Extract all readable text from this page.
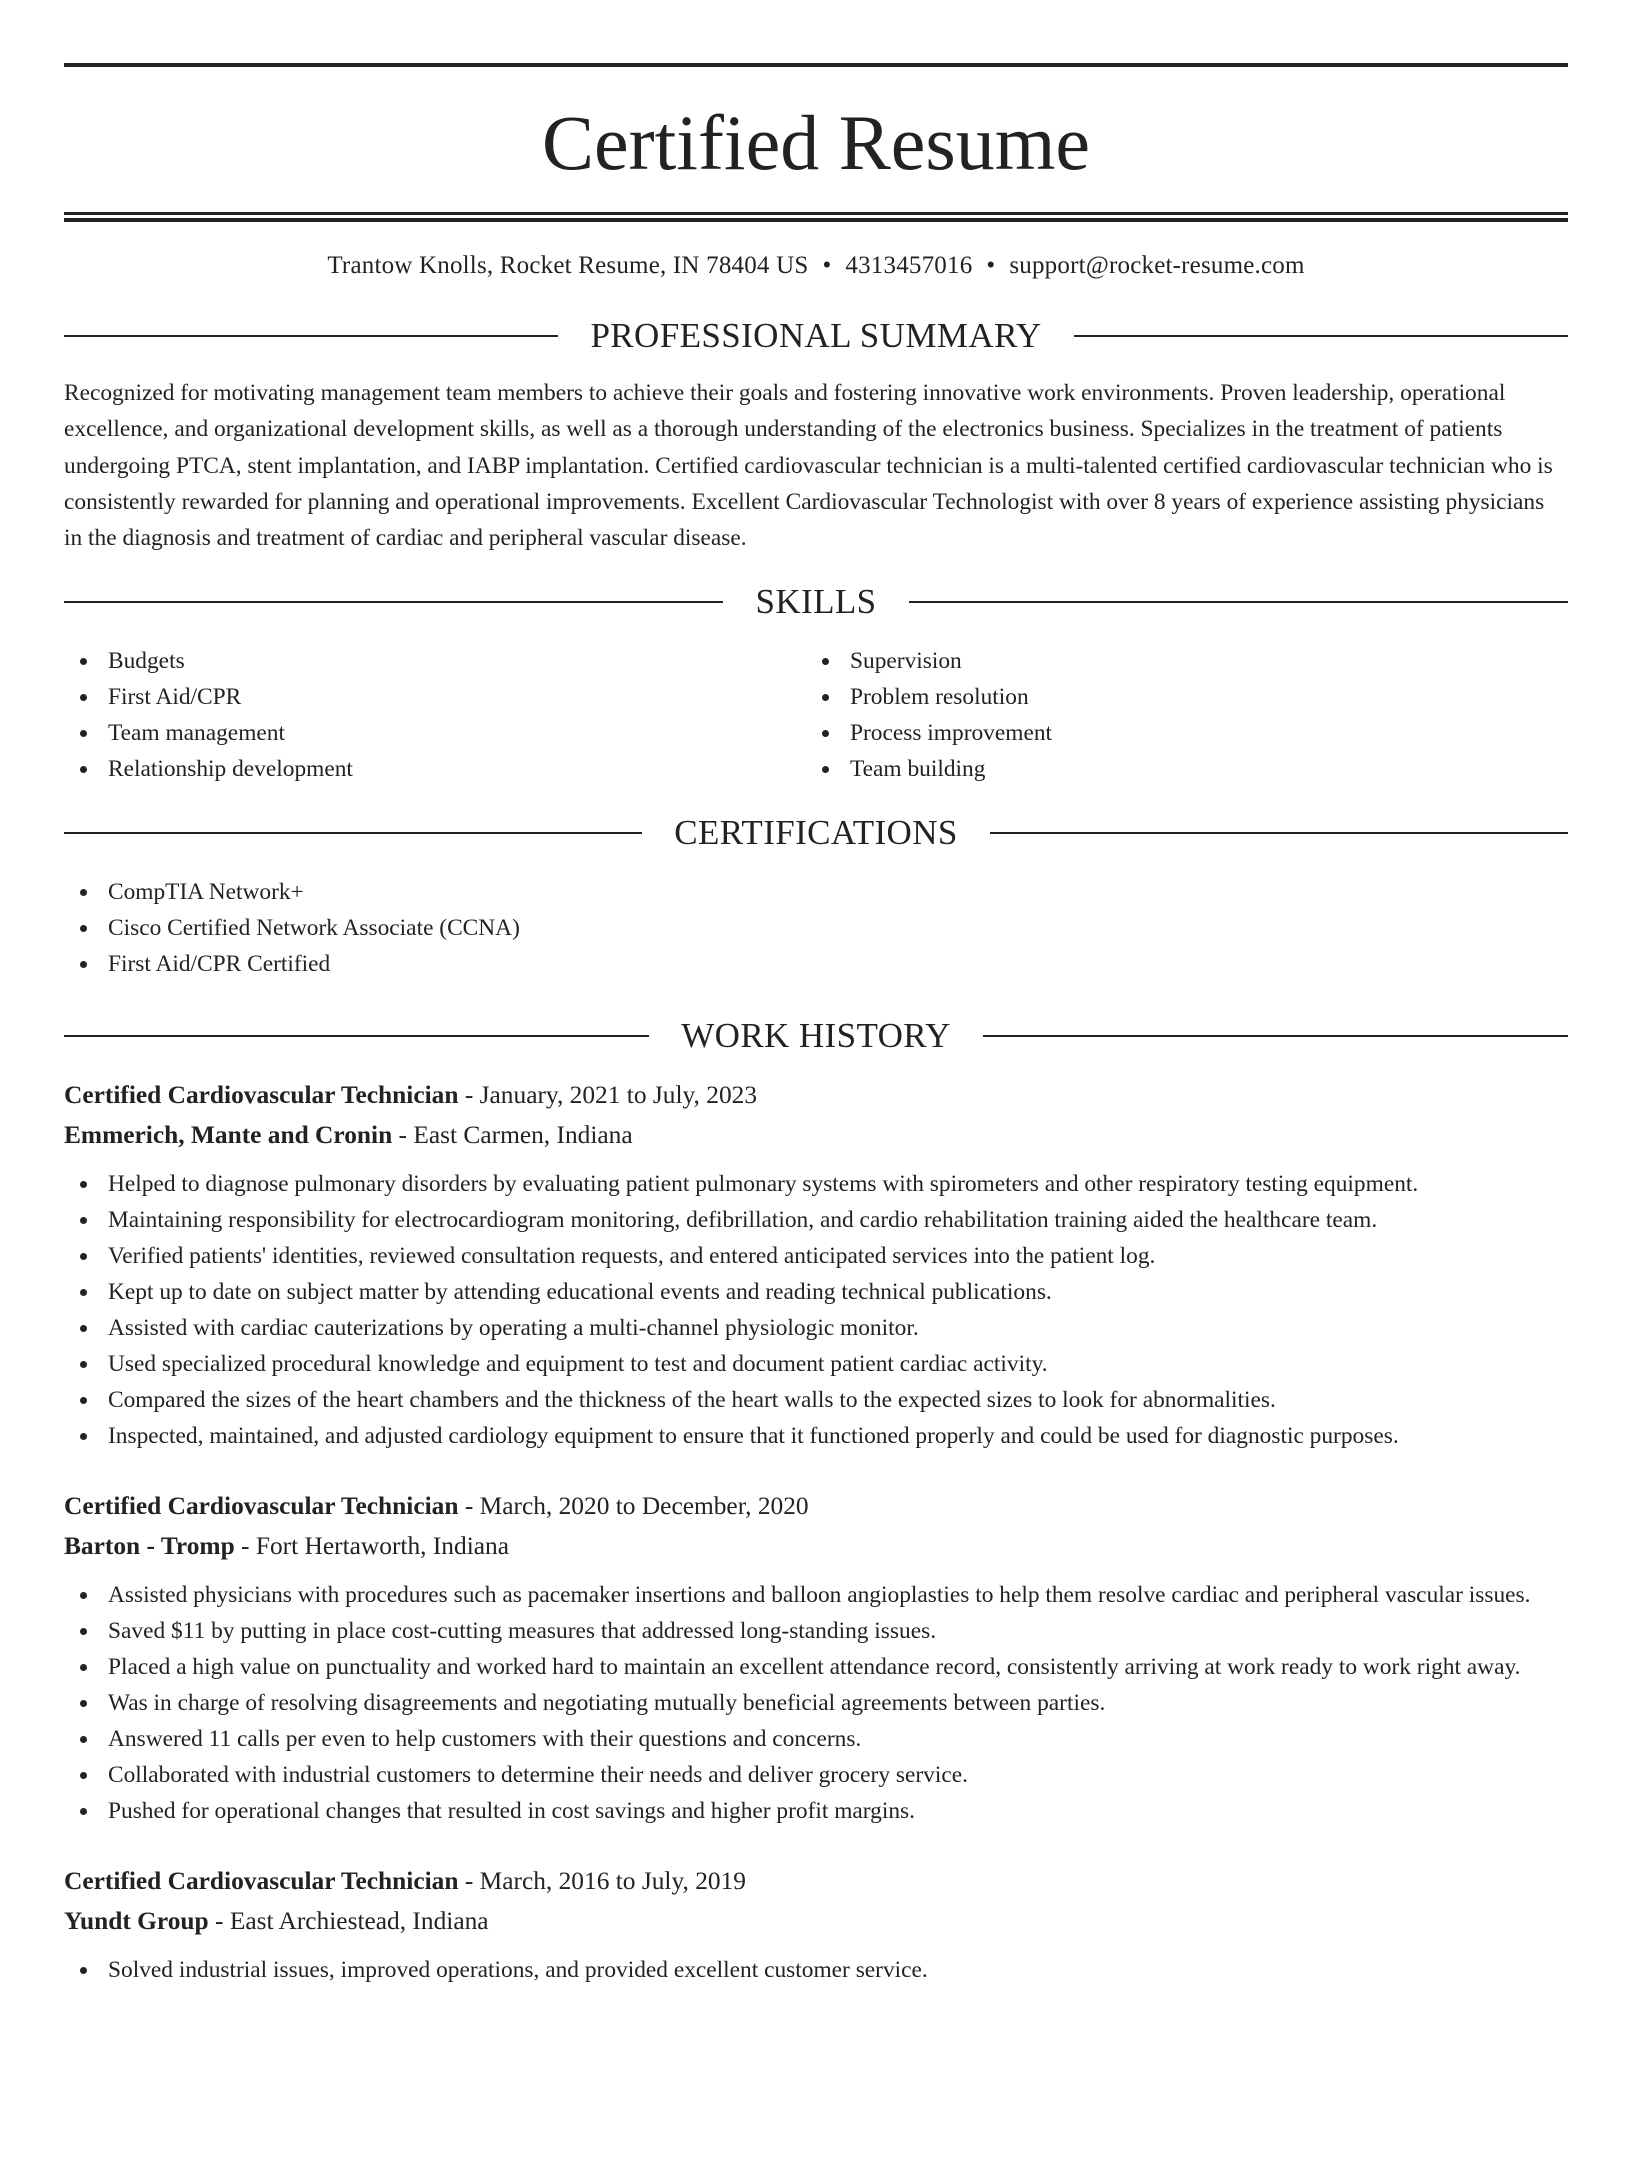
Certified Resume
Trantow Knolls, Rocket Resume, IN 78404 US • 4313457016 • support@rocket-resume.com
PROFESSIONAL SUMMARY
Recognized for motivating management team members to achieve their goals and fostering innovative work environments. Proven leadership, operational excellence, and organizational development skills, as well as a thorough understanding of the electronics business. Specializes in the treatment of patients undergoing PTCA, stent implantation, and IABP implantation. Certified cardiovascular technician is a multi-talented certified cardiovascular technician who is consistently rewarded for planning and operational improvements. Excellent Cardiovascular Technologist with over 8 years of experience assisting physicians in the diagnosis and treatment of cardiac and peripheral vascular disease.
SKILLS
Budgets
First Aid/CPR
Team management
Relationship development
Supervision
Problem resolution
Process improvement
Team building
CERTIFICATIONS
CompTIA Network+
Cisco Certified Network Associate (CCNA)
First Aid/CPR Certified
WORK HISTORY
Certified Cardiovascular Technician - January, 2021 to July, 2023
Emmerich, Mante and Cronin - East Carmen, Indiana
Helped to diagnose pulmonary disorders by evaluating patient pulmonary systems with spirometers and other respiratory testing equipment.
Maintaining responsibility for electrocardiogram monitoring, defibrillation, and cardio rehabilitation training aided the healthcare team.
Verified patients' identities, reviewed consultation requests, and entered anticipated services into the patient log.
Kept up to date on subject matter by attending educational events and reading technical publications.
Assisted with cardiac cauterizations by operating a multi-channel physiologic monitor.
Used specialized procedural knowledge and equipment to test and document patient cardiac activity.
Compared the sizes of the heart chambers and the thickness of the heart walls to the expected sizes to look for abnormalities.
Inspected, maintained, and adjusted cardiology equipment to ensure that it functioned properly and could be used for diagnostic purposes.
Certified Cardiovascular Technician - March, 2020 to December, 2020
Barton - Tromp - Fort Hertaworth, Indiana
Assisted physicians with procedures such as pacemaker insertions and balloon angioplasties to help them resolve cardiac and peripheral vascular issues.
Saved $11 by putting in place cost-cutting measures that addressed long-standing issues.
Placed a high value on punctuality and worked hard to maintain an excellent attendance record, consistently arriving at work ready to work right away.
Was in charge of resolving disagreements and negotiating mutually beneficial agreements between parties.
Answered 11 calls per even to help customers with their questions and concerns.
Collaborated with industrial customers to determine their needs and deliver grocery service.
Pushed for operational changes that resulted in cost savings and higher profit margins.
Certified Cardiovascular Technician - March, 2016 to July, 2019
Yundt Group - East Archiestead, Indiana
Solved industrial issues, improved operations, and provided excellent customer service.
